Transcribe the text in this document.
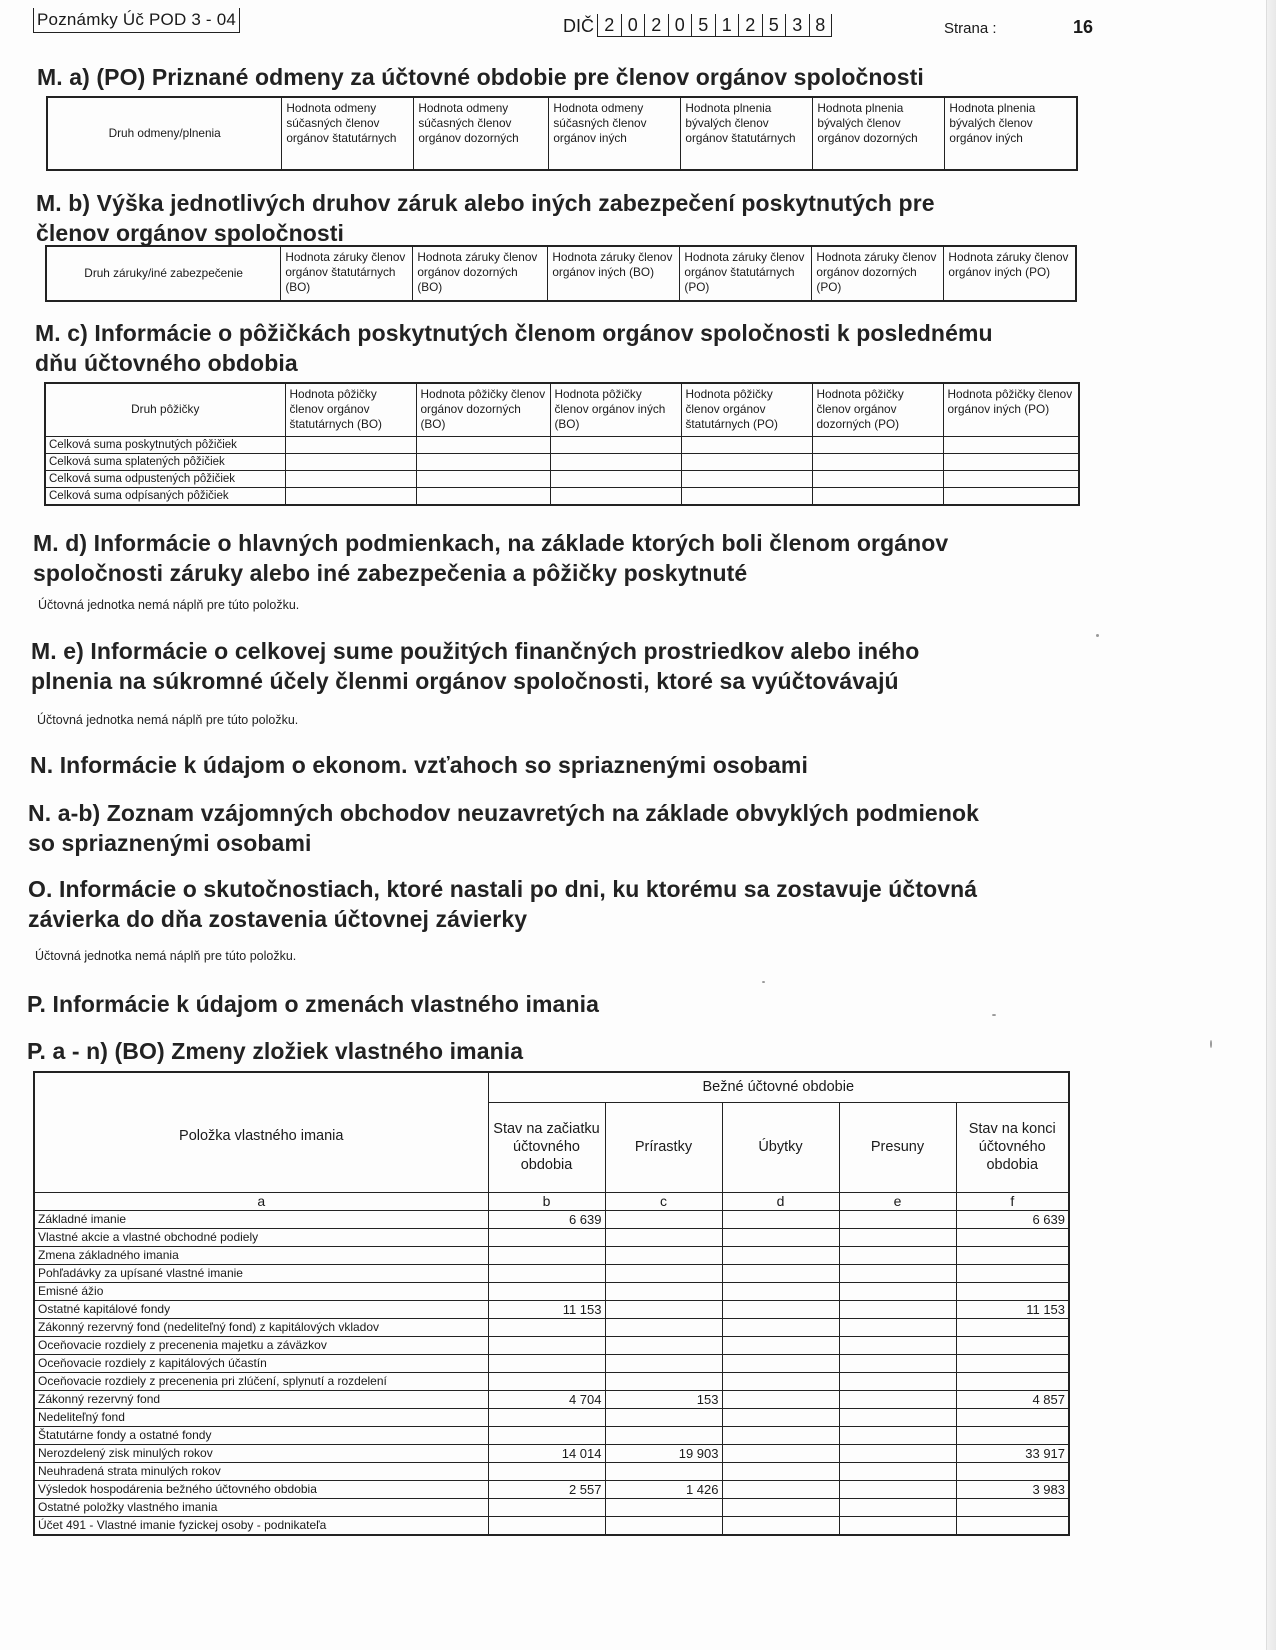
Poznámky Úč POD 3 - 04	DIČ 2 0 2 0 5 1 2 5 3 8	Strana :	16
M. a) (PO) Priznané odmeny za účtovné obdobie pre členov orgánov spoločnosti
Druh odmeny/plnenia	Hodnota odmeny súčasných členov orgánov štatutárnych	Hodnota odmeny súčasných členov orgánov dozorných	Hodnota odmeny súčasných členov orgánov iných	Hodnota plnenia bývalých členov orgánov štatutárnych	Hodnota plnenia bývalých členov orgánov dozorných	Hodnota plnenia bývalých členov orgánov iných
M. b) Výška jednotlivých druhov záruk alebo iných zabezpečení poskytnutých pre
členov orgánov spoločnosti
Druh záruky/iné zabezpečenie	Hodnota záruky členov orgánov štatutárnych (BO)	Hodnota záruky členov orgánov dozorných (BO)	Hodnota záruky členov orgánov iných (BO)	Hodnota záruky členov orgánov štatutárnych (PO)	Hodnota záruky členov orgánov dozorných (PO)	Hodnota záruky členov orgánov iných (PO)
M. c) Informácie o pôžičkách poskytnutých členom orgánov spoločnosti k poslednému
dňu účtovného obdobia
Druh pôžičky	Hodnota pôžičky členov orgánov štatutárnych (BO)	Hodnota pôžičky členov orgánov dozorných (BO)	Hodnota pôžičky členov orgánov iných (BO)	Hodnota pôžičky členov orgánov štatutárnych (PO)	Hodnota pôžičky členov orgánov dozorných (PO)	Hodnota pôžičky členov orgánov iných (PO)
Celková suma poskytnutých pôžičiek						
Celková suma splatených pôžičiek						
Celková suma odpustených pôžičiek						
Celková suma odpísaných pôžičiek						
M. d) Informácie o hlavných podmienkach, na základe ktorých boli členom orgánov
spoločnosti záruky alebo iné zabezpečenia a pôžičky poskytnuté
Účtovná jednotka nemá náplň pre túto položku.
M. e) Informácie o celkovej sume použitých finančných prostriedkov alebo iného
plnenia na súkromné účely členmi orgánov spoločnosti, ktoré sa vyúčtovávajú
Účtovná jednotka nemá náplň pre túto položku.
N. Informácie k údajom o ekonom. vzťahoch so spriaznenými osobami
N. a-b) Zoznam vzájomných obchodov neuzavretých na základe obvyklých podmienok
so spriaznenými osobami
O. Informácie o skutočnostiach, ktoré nastali po dni, ku ktorému sa zostavuje účtovná
závierka do dňa zostavenia účtovnej závierky
Účtovná jednotka nemá náplň pre túto položku.
P. Informácie k údajom o zmenách vlastného imania
P. a - n) (BO) Zmeny zložiek vlastného imania
Položka vlastného imania	Bežné účtovné obdobie				
	Stav na začiatku účtovného obdobia	Prírastky	Úbytky	Presuny	Stav na konci účtovného obdobia
a	b	c	d	e	f
Základné imanie	6 639				6 639
Vlastné akcie a vlastné obchodné podiely					
Zmena základného imania					
Pohľadávky za upísané vlastné imanie					
Emisné ážio					
Ostatné kapitálové fondy	11 153				11 153
Zákonný rezervný fond (nedeliteľný fond) z kapitálových vkladov					
Oceňovacie rozdiely z precenenia majetku a záväzkov					
Oceňovacie rozdiely z kapitálových účastín					
Oceňovacie rozdiely z precenenia pri zlúčení, splynutí a rozdelení					
Zákonný rezervný fond	4 704	153			4 857
Nedeliteľný fond					
Štatutárne fondy a ostatné fondy					
Nerozdelený zisk minulých rokov	14 014	19 903			33 917
Neuhradená strata minulých rokov					
Výsledok hospodárenia bežného účtovného obdobia	2 557	1 426			3 983
Ostatné položky vlastného imania					
Účet 491 - Vlastné imanie fyzickej osoby - podnikateľa					
